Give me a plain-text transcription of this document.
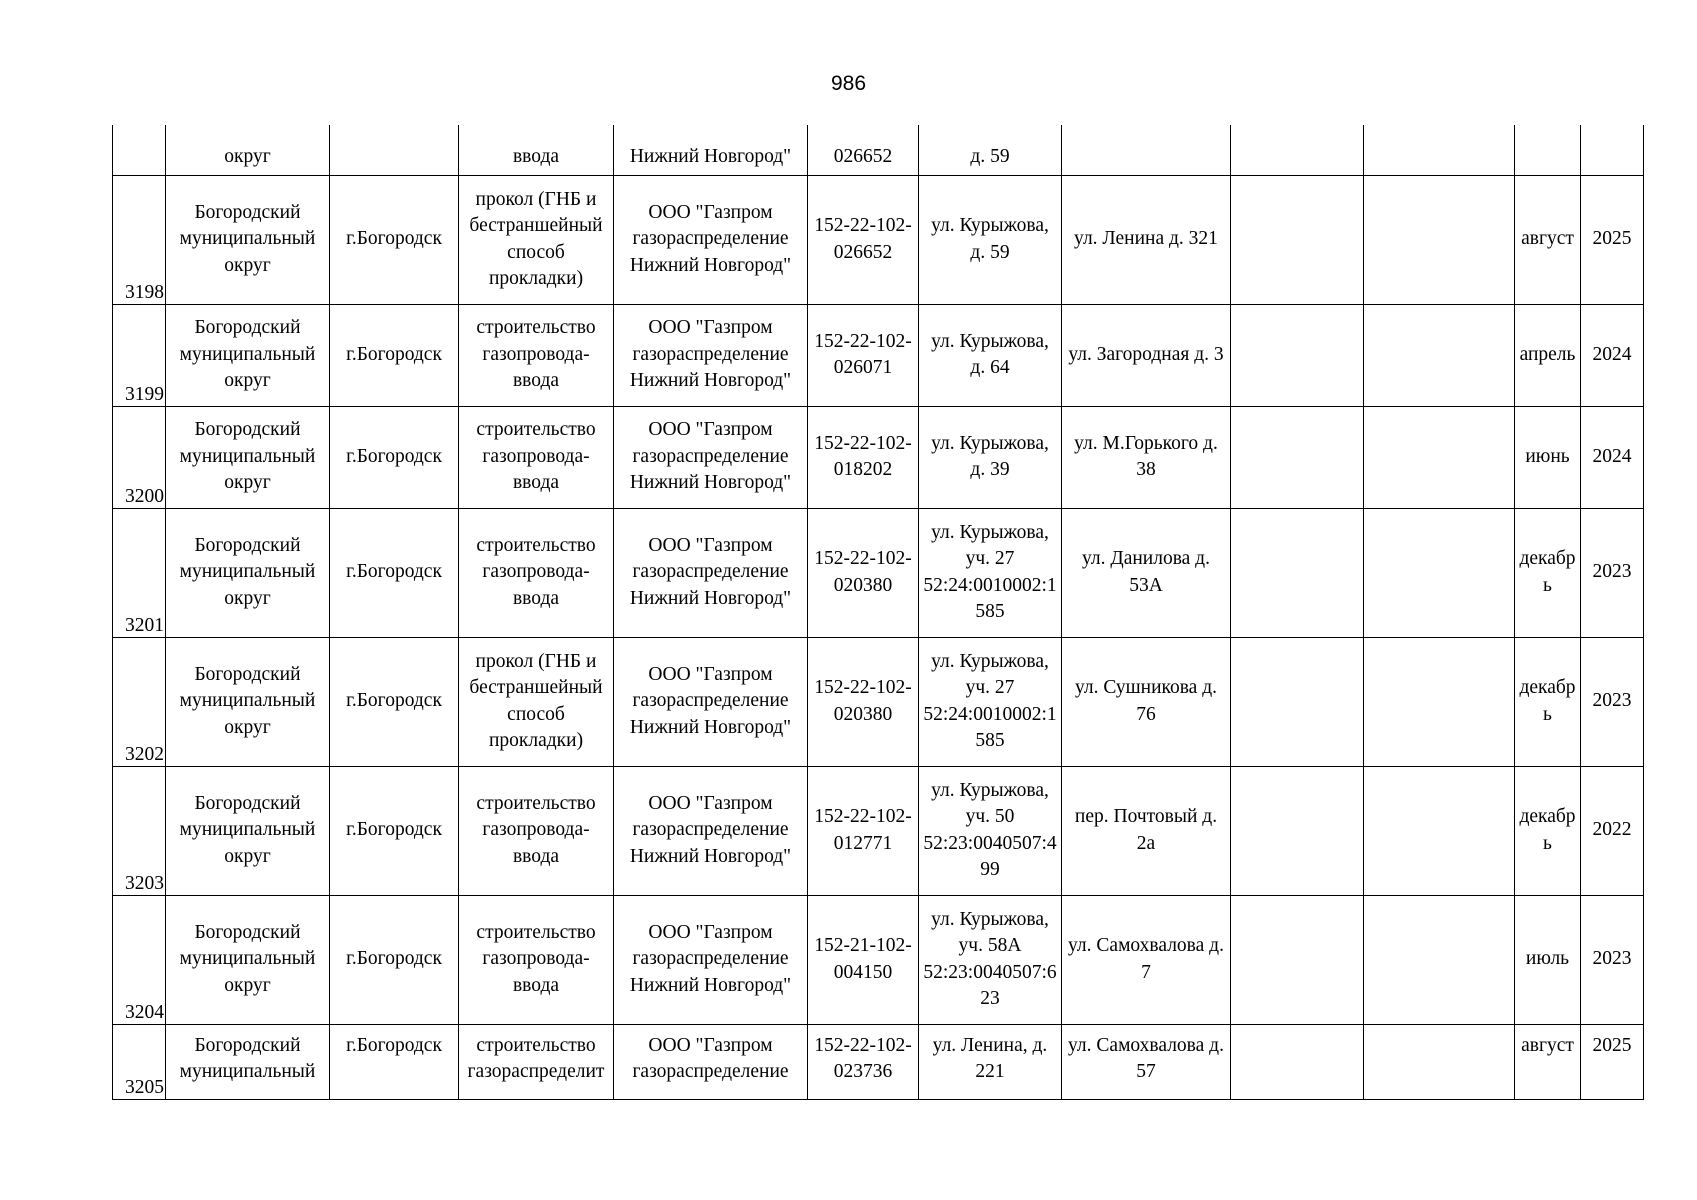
986

	округ		ввода	Нижний Новгород"	026652	д. 59					

3198	Богородский
муниципальный
округ	г.Богородск	прокол (ГНБ и
бестраншейный
способ
прокладки)	ООО "Газпром
газораспределение
Нижний Новгород"	152-22-102-
026652	ул. Курыжова,
д. 59	ул. Ленина д. 321			август	2025

3199	Богородский
муниципальный
округ	г.Богородск	строительство
газопровода-
ввода	ООО "Газпром
газораспределение
Нижний Новгород"	152-22-102-
026071	ул. Курыжова,
д. 64	ул. Загородная д. 3			апрель	2024

3200	Богородский
муниципальный
округ	г.Богородск	строительство
газопровода-
ввода	ООО "Газпром
газораспределение
Нижний Новгород"	152-22-102-
018202	ул. Курыжова,
д. 39	ул. М.Горького д.
38			июнь	2024

3201	Богородский
муниципальный
округ	г.Богородск	строительство
газопровода-
ввода	ООО "Газпром
газораспределение
Нижний Новгород"	152-22-102-
020380	ул. Курыжова,
уч. 27
52:24:0010002:1
585	ул. Данилова д.
53А			декабр
ь	2023

3202	Богородский
муниципальный
округ	г.Богородск	прокол (ГНБ и
бестраншейный
способ
прокладки)	ООО "Газпром
газораспределение
Нижний Новгород"	152-22-102-
020380	ул. Курыжова,
уч. 27
52:24:0010002:1
585	ул. Сушникова д.
76			декабр
ь	2023

3203	Богородский
муниципальный
округ	г.Богородск	строительство
газопровода-
ввода	ООО "Газпром
газораспределение
Нижний Новгород"	152-22-102-
012771	ул. Курыжова,
уч. 50
52:23:0040507:4
99	пер. Почтовый д.
2а			декабр
ь	2022

3204	Богородский
муниципальный
округ	г.Богородск	строительство
газопровода-
ввода	ООО "Газпром
газораспределение
Нижний Новгород"	152-21-102-
004150	ул. Курыжова,
уч. 58А
52:23:0040507:6
23	ул. Самохвалова д.
7			июль	2023

3205	Богородский
муниципальный	г.Богородск	строительство
газораспределит	ООО "Газпром
газораспределение	152-22-102-
023736	ул. Ленина, д.
221	ул. Самохвалова д.
57			август	2025
